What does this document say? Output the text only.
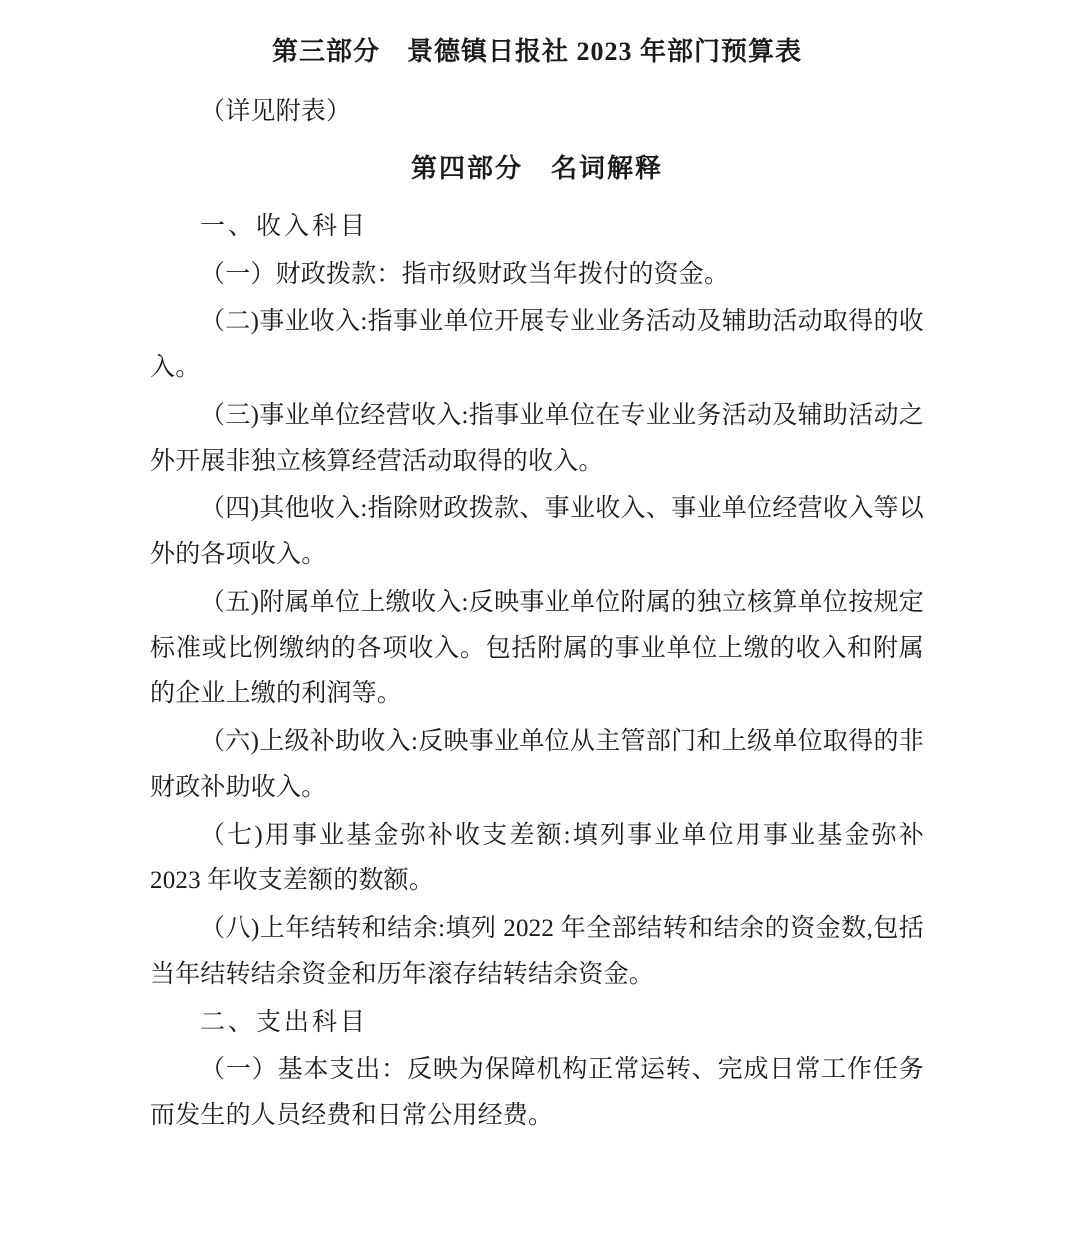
第三部分　景德镇日报社 2023 年部门预算表

（详见附表）

第四部分　名词解释

一、收入科目

（一）财政拨款：指市级财政当年拨付的资金。

（二)事业收入:指事业单位开展专业业务活动及辅助活动取得的收入。

（三)事业单位经营收入:指事业单位在专业业务活动及辅助活动之外开展非独立核算经营活动取得的收入。

（四)其他收入:指除财政拨款、事业收入、事业单位经营收入等以外的各项收入。

（五)附属单位上缴收入:反映事业单位附属的独立核算单位按规定标准或比例缴纳的各项收入。包括附属的事业单位上缴的收入和附属的企业上缴的利润等。

（六)上级补助收入:反映事业单位从主管部门和上级单位取得的非财政补助收入。

（七)用事业基金弥补收支差额:填列事业单位用事业基金弥补 2023 年收支差额的数额。

（八)上年结转和结余:填列 2022 年全部结转和结余的资金数,包括当年结转结余资金和历年滚存结转结余资金。

二、支出科目

（一）基本支出：反映为保障机构正常运转、完成日常工作任务而发生的人员经费和日常公用经费。
